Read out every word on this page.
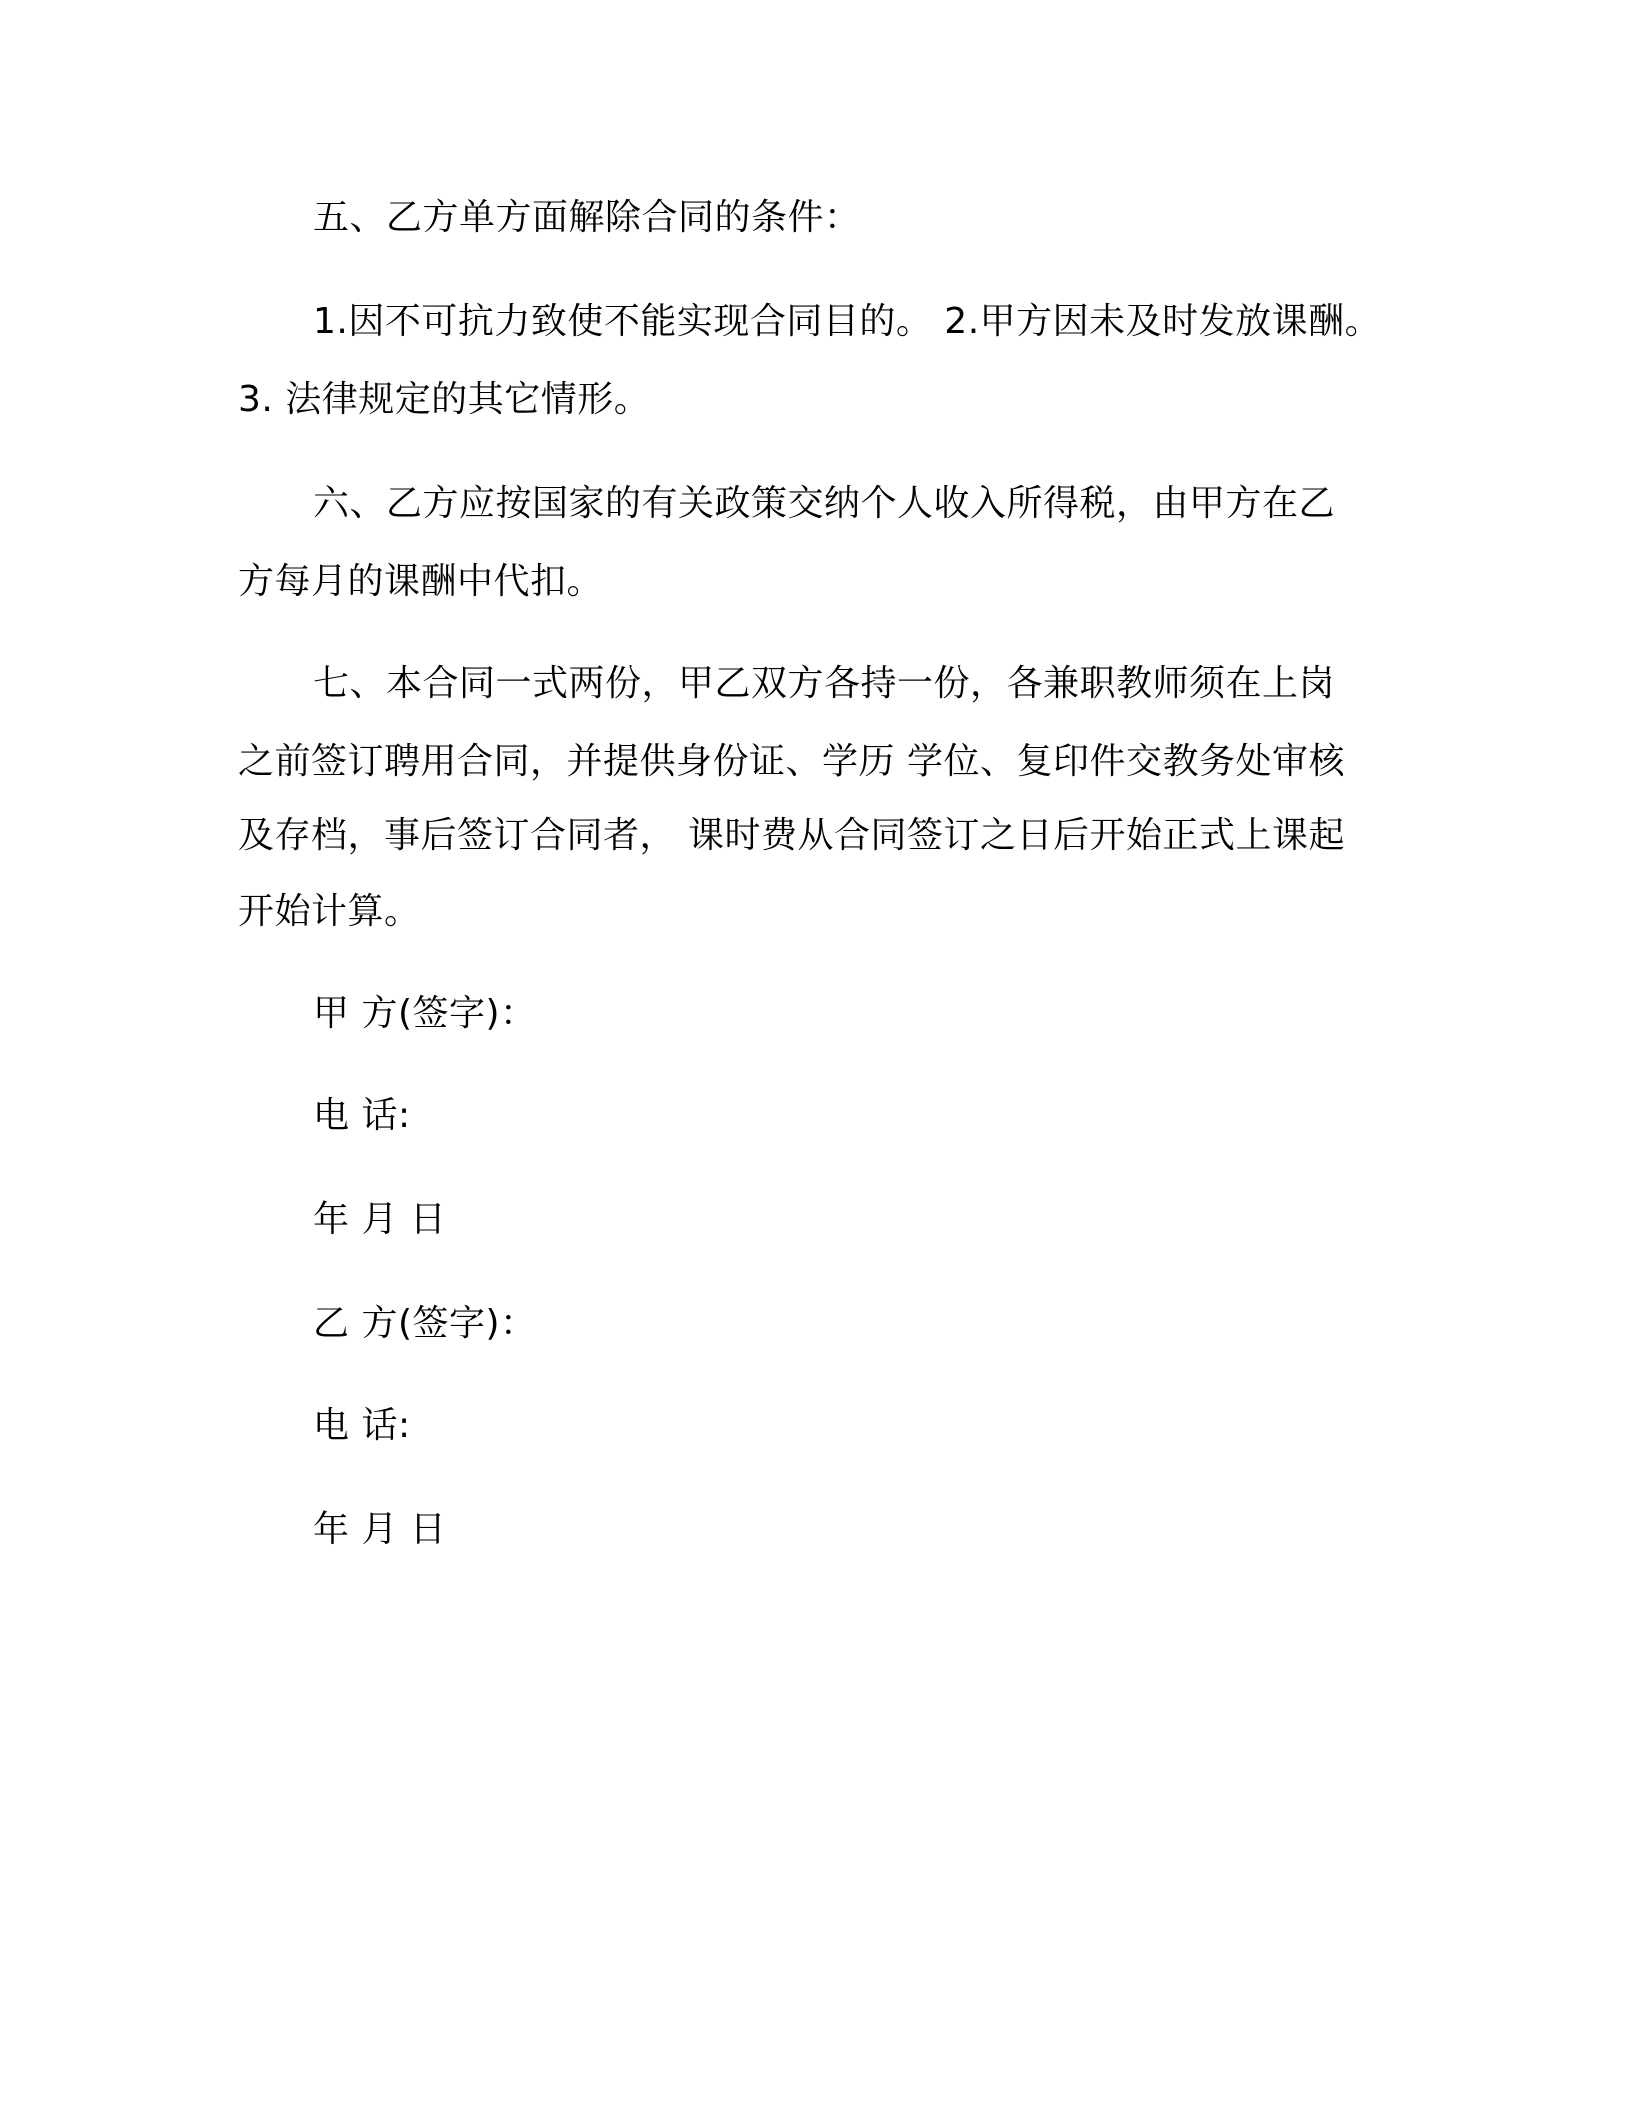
五、乙方单方面解除合同的条件：
1.因不可抗力致使不能实现合同目的。 2.甲方因未及时发放课酬。
3. 法律规定的其它情形。
六、乙方应按国家的有关政策交纳个人收入所得税，由甲方在乙
方每月的课酬中代扣。
七、本合同一式两份，甲乙双方各持一份，各兼职教师须在上岗
之前签订聘用合同，并提供身份证、学历 学位、复印件交教务处审核
及存档，事后签订合同者， 课时费从合同签订之日后开始正式上课起
开始计算。
甲 方(签字)：
电 话:
年 月 日
乙 方(签字)：
电 话:
年 月 日
